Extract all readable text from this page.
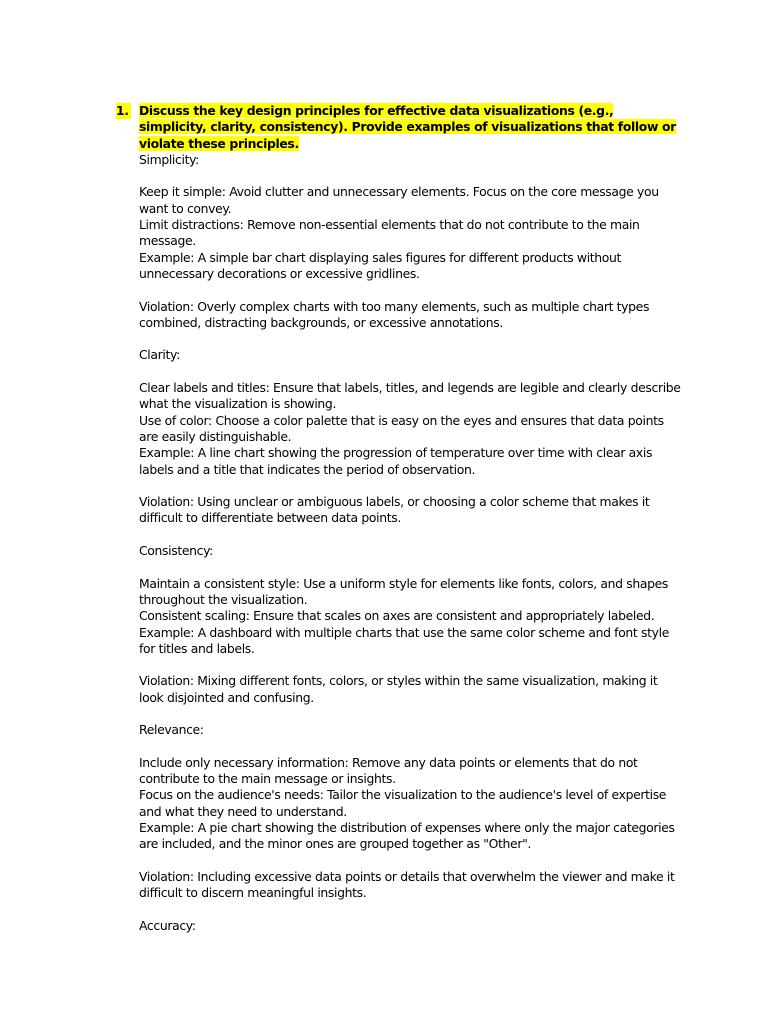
1. Discuss the key design principles for effective data visualizations (e.g., simplicity, clarity, consistency). Provide examples of visualizations that follow or violate these principles.

Simplicity:

Keep it simple: Avoid clutter and unnecessary elements. Focus on the core message you want to convey.

Limit distractions: Remove non-essential elements that do not contribute to the main message.

Example: A simple bar chart displaying sales figures for different products without unnecessary decorations or excessive gridlines.

Violation: Overly complex charts with too many elements, such as multiple chart types combined, distracting backgrounds, or excessive annotations.

Clarity:

Clear labels and titles: Ensure that labels, titles, and legends are legible and clearly describe what the visualization is showing.

Use of color: Choose a color palette that is easy on the eyes and ensures that data points are easily distinguishable.

Example: A line chart showing the progression of temperature over time with clear axis labels and a title that indicates the period of observation.

Violation: Using unclear or ambiguous labels, or choosing a color scheme that makes it difficult to differentiate between data points.

Consistency:

Maintain a consistent style: Use a uniform style for elements like fonts, colors, and shapes throughout the visualization.

Consistent scaling: Ensure that scales on axes are consistent and appropriately labeled.

Example: A dashboard with multiple charts that use the same color scheme and font style for titles and labels.

Violation: Mixing different fonts, colors, or styles within the same visualization, making it look disjointed and confusing.

Relevance:

Include only necessary information: Remove any data points or elements that do not contribute to the main message or insights.

Focus on the audience's needs: Tailor the visualization to the audience's level of expertise and what they need to understand.

Example: A pie chart showing the distribution of expenses where only the major categories are included, and the minor ones are grouped together as "Other".

Violation: Including excessive data points or details that overwhelm the viewer and make it difficult to discern meaningful insights.

Accuracy:
